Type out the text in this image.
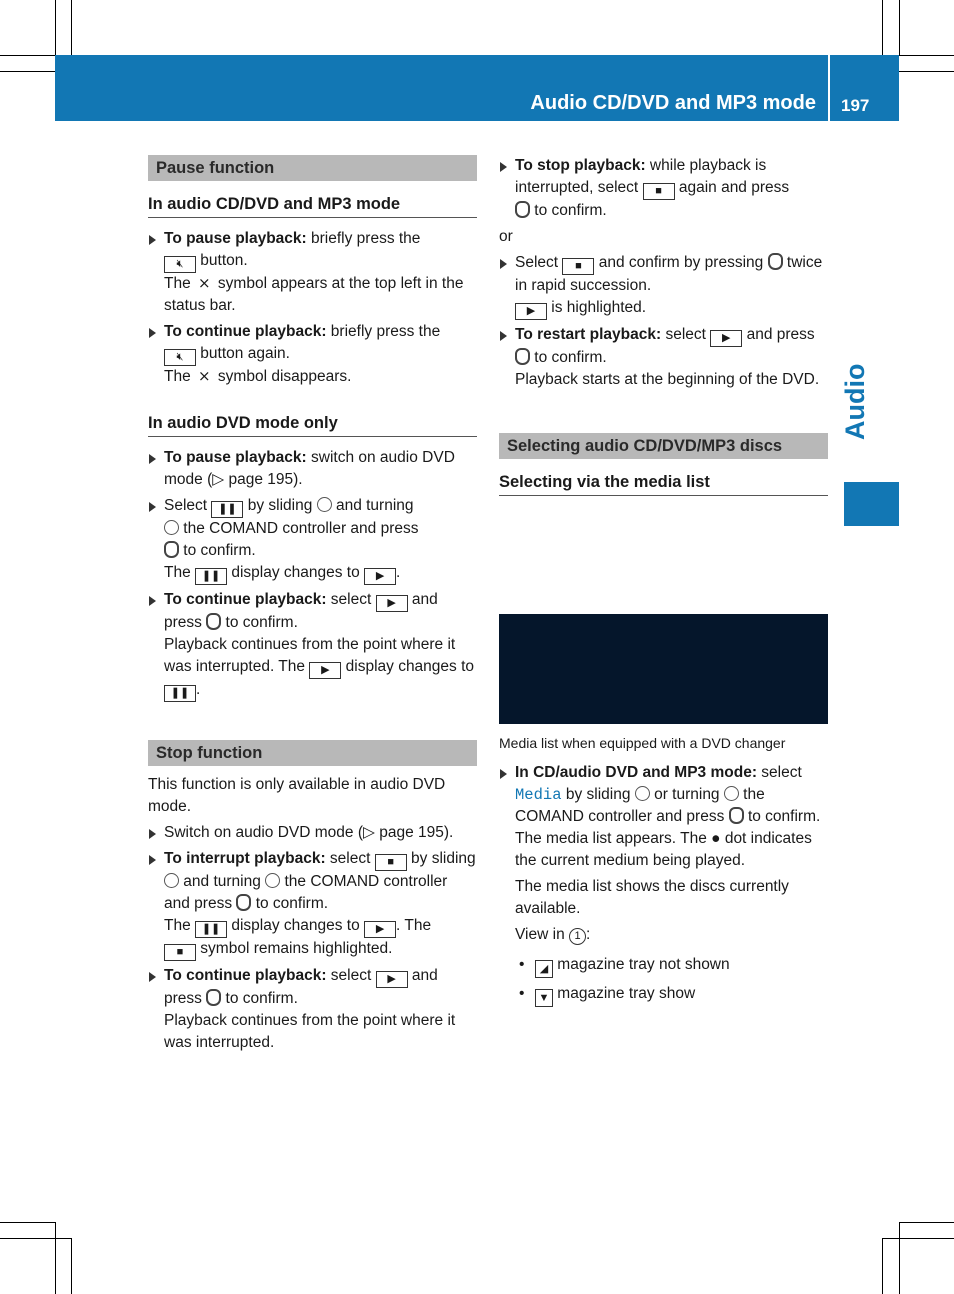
Audio CD/DVD and MP3 mode 197
Audio
Pause function
In audio CD/DVD and MP3 mode
To pause playback: briefly press the
🔇︎ button.
The ⨯ symbol appears at the top left in the status bar.
To continue playback: briefly press the
🔇︎ button again.
The ⨯ symbol disappears.
In audio DVD mode only
To pause playback: switch on audio DVD mode (▷ page 195).
Select ❚❚ by sliding  and turning
the COMAND controller and press
to confirm.
The ❚❚ display changes to ▶ .
To continue playback: select ▶ and press  to confirm.
Playback continues from the point where it was interrupted. The ▶ display changes to ❚❚ .
Stop function
This function is only available in audio DVD mode.
Switch on audio DVD mode (▷ page 195).
To interrupt playback: select ■ by sliding  and turning  the COMAND controller and press  to confirm.
The ❚❚ display changes to ▶ . The
■ symbol remains highlighted.
To continue playback: select ▶ and press  to confirm.
Playback continues from the point where it was interrupted.
To stop playback: while playback is interrupted, select ■ again and press
to confirm.
or
Select ■ and confirm by pressing  twice in rapid succession.
▶ is highlighted.
To restart playback: select ▶ and press  to confirm.
Playback starts at the beginning of the DVD.
Selecting audio CD/DVD/MP3 discs
Selecting via the media list
Media list when equipped with a DVD changer
In CD/audio DVD and MP3 mode: select
Media by sliding  or turning  the COMAND controller and press  to confirm.
The media list appears. The ● dot indicates the current medium being played.
The media list shows the discs currently available.
View in 1 :
• ◢ magazine tray not shown
• ▼ magazine tray show
